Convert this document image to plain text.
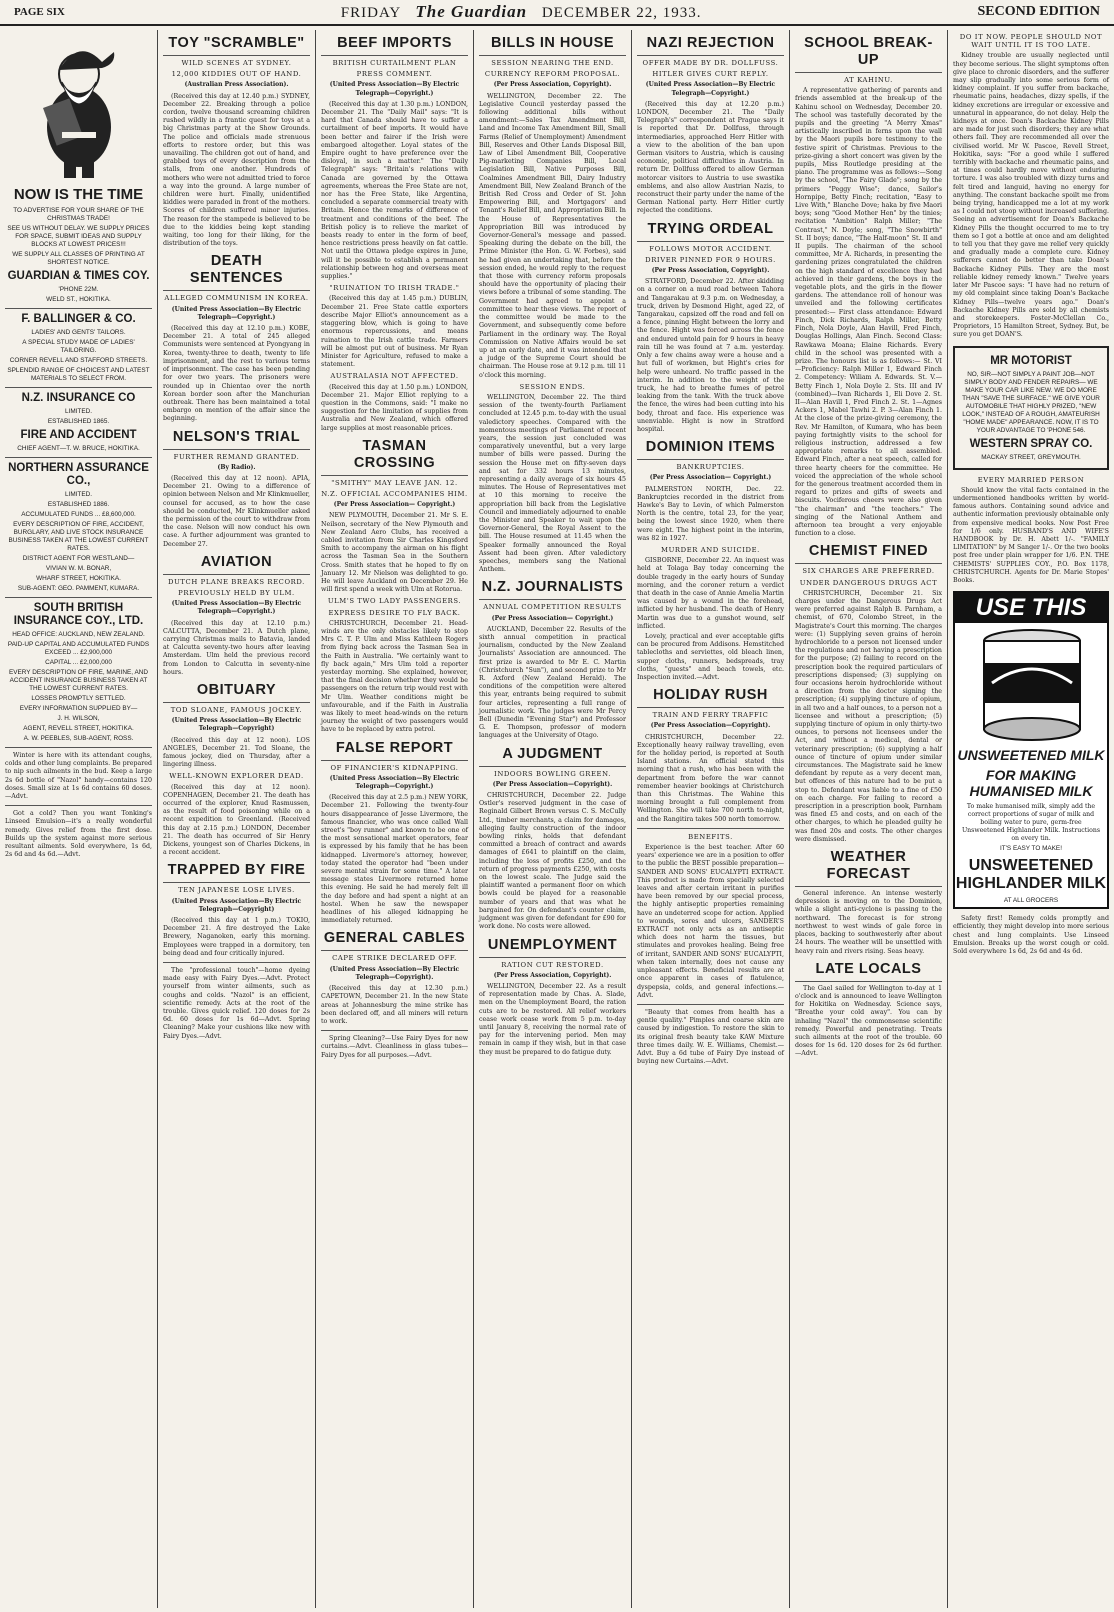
PAGE SIX	FRIDAY The Guardian DECEMBER 22, 1933.	SECOND EDITION
NOW IS THE TIME
TO ADVERTISE FOR YOUR SHARE OF THE CHRISTMAS TRADE!
SEE US WITHOUT DELAY. WE SUPPLY PRICES FOR SPACE, SUBMIT IDEAS AND SUPPLY BLOCKS AT LOWEST PRICES!!!
WE SUPPLY ALL CLASSES OF PRINTING AT SHORTEST NOTICE.
GUARDIAN & TIMES COY.
'PHONE 22M.
WELD ST., HOKITIKA.
F. BALLINGER & CO.
LADIES' AND GENTS' TAILORS.
A SPECIAL STUDY MADE OF LADIES' TAILORING.
CORNER REVELL AND STAFFORD STREETS.
SPLENDID RANGE OF CHOICEST AND LATEST MATERIALS TO SELECT FROM.
N.Z. INSURANCE CO
LIMITED.
ESTABLISHED 1865.
FIRE AND ACCIDENT
CHIEF AGENT—T. W. BRUCE, HOKITIKA.
NORTHERN ASSURANCE CO.,
LIMITED.
ESTABLISHED 1886.
ACCUMULATED FUNDS ... £8,600,000.
EVERY DESCRIPTION OF FIRE, ACCIDENT, BURGLARY, AND LIVE STOCK INSURANCE BUSINESS TAKEN AT THE LOWEST CURRENT RATES.
DISTRICT AGENT FOR WESTLAND—
VIVIAN W. M. BONAR,
WHARF STREET, HOKITIKA.
SUB-AGENT: GEO. PAMMENT, KUMARA.
SOUTH BRITISH INSURANCE COY., LTD.
HEAD OFFICE: AUCKLAND, NEW ZEALAND.
PAID-UP CAPITAL AND ACCUMULATED FUNDS EXCEED ... £2,900,000
CAPITAL ... £2,000,000
EVERY DESCRIPTION OF FIRE, MARINE, AND ACCIDENT INSURANCE BUSINESS TAKEN AT THE LOWEST CURRENT RATES.
LOSSES PROMPTLY SETTLED.
EVERY INFORMATION SUPPLIED BY—
J. H. WILSON,
AGENT, REVELL STREET, HOKITIKA.
A. W. PEEBLES, SUB-AGENT, ROSS.

Winter is here with its attendant coughs, colds and other lung complaints. Be prepared to nip such ailments in the bud. Keep a large 2s 6d bottle of "Nazol" handy—contains 120 doses. Small size at 1s 6d contains 60 doses.—Advt.

Got a cold? Then you want Tonking's Linseed Emulsion—it's a really wonderful remedy. Gives relief from the first dose. Builds up the system against more serious resultant ailments. Sold everywhere, 1s 6d, 2s 6d and 4s 6d.—Advt.

TOY "SCRAMBLE"
WILD SCENES AT SYDNEY.
12,000 KIDDIES OUT OF HAND.
(Australian Press Association).

(Received this day at 12.40 p.m.) SYDNEY, December 22. Breaking through a police cordon, twelve thousand screaming children rushed wildly in a frantic quest for toys at a big Christmas party at the Show Grounds. The police and officials made strenuous efforts to restore order, but this was unavailing. The children got out of hand, and grabbed toys of every description from the stalls, from one another. Hundreds of mothers who were not admitted tried to force a way into the ground. A large number of children were hurt. Finally, unidentified kiddies were paraded in front of the mothers. Scores of children suffered minor injuries. The reason for the stampede is believed to be due to the kiddies being kept standing waiting, too long for their liking, for the distribution of the toys.

DEATH SENTENCES
ALLEGED COMMUNISM IN KOREA.
(United Press Association—By Electric Telegraph—Copyright.)

(Received this day at 12.10 p.m.) KOBE, December 21. A total of 245 alleged Communists were sentenced at Pyongyang in Korea, twenty-three to death, twenty to life imprisonment, and the rest to various terms of imprisonment. The case has been pending for over two years. The prisoners were rounded up in Chientao over the north Korean border soon after the Manchurian outbreak. There has been maintained a total embargo on mention of the affair since the beginning.

NELSON'S TRIAL
FURTHER REMAND GRANTED.
(By Radio).

(Received this day at 12 noon). APIA, December 21. Owing to a difference of opinion between Nelson and Mr Klinkmueller, counsel for accused, as to how the case should be conducted, Mr Klinkmueller asked the permission of the court to withdraw from the case. Nelson will now conduct his own case. A further adjournment was granted to December 27.

AVIATION
DUTCH PLANE BREAKS RECORD.
PREVIOUSLY HELD BY ULM.
(United Press Association—By Electric Telegraph—Copyright.)

(Received this day at 12.10 p.m.) CALCUTTA, December 21. A Dutch plane, carrying Christmas mails to Batavia, landed at Calcutta seventy-two hours after leaving Amsterdam. Ulm held the previous record from London to Calcutta in seventy-nine hours.

OBITUARY
TOD SLOANE, FAMOUS JOCKEY.
(United Press Association—By Electric Telegraph—Copyright)

(Received this day at 12 noon). LOS ANGELES, December 21. Tod Sloane, the famous jockey, died on Thursday, after a lingering illness.

WELL-KNOWN EXPLORER DEAD.

(Received this day at 12 noon). COPENHAGEN, December 21. The death has occurred of the explorer, Knud Rasmussen, as the result of food poisoning while on a recent expedition to Greenland. (Received this day at 2.15 p.m.) LONDON, December 21. The death has occurred of Sir Henry Dickens, youngest son of Charles Dickens, in a recent accident.

TRAPPED BY FIRE
TEN JAPANESE LOSE LIVES.
(United Press Association—By Electric Telegraph—Copyright)

(Received this day at 1 p.m.) TOKIO, December 21. A fire destroyed the Lake Brewery, Naganoken, early this morning. Employees were trapped in a dormitory, ten being dead and four critically injured.

The "professional touch"—home dyeing made easy with Fairy Dyes.—Advt. Protect yourself from winter ailments, such as coughs and colds. "Nazol" is an efficient, scientific remedy. Acts at the root of the trouble. Gives quick relief. 120 doses for 2s 6d. 60 doses for 1s 6d—Advt. Spring Cleaning? Make your cushions like new with Fairy Dyes.—Advt.

BEEF IMPORTS
BRITISH CURTAILMENT PLAN
PRESS COMMENT.
(United Press Association—By Electric Telegraph—Copyright.)

(Received this day at 1.30 p.m.) LONDON, December 21. The "Daily Mail" says: "It is hard that Canada should have to suffer a curtailment of beef imports. It would have been better and fairer if the Irish were embargoed altogether. Loyal states of the Empire ought to have preference over the disloyal, in such a matter." The "Daily Telegraph" says: "Britain's relations with Canada are governed by the Ottawa agreements, whereas the Free State are not, nor has the Free State, like Argentina, concluded a separate commercial treaty with Britain. Hence the remarks of difference of treatment and conditions of the beef. The British policy is to relieve the market of beasts ready to enter in the form of beef, hence restrictions press heavily on fat cattle. Not until the Ottawa pledge expires in June, will it be possible to establish a permanent relationship between hog and overseas meat supplies."

"RUINATION TO IRISH TRADE."

(Received this day at 1.45 p.m.) DUBLIN, December 21. Free State cattle exporters describe Major Elliot's announcement as a staggering blow, which is going to have enormous repercussions, and means ruination to the Irish cattle trade. Farmers will be almost put out of business. Mr Ryan Minister for Agriculture, refused to make a statement.

AUSTRALASIA NOT AFFECTED.

(Received this day at 1.50 p.m.) LONDON, December 21. Major Elliot replying to a question in the Commons, said: "I make no suggestion for the limitation of supplies from Australia and New Zealand, which offered large supplies at most reasonable prices.

TASMAN CROSSING
"SMITHY" MAY LEAVE JAN. 12.
N.Z. OFFICIAL ACCOMPANIES HIM.
(Per Press Association— Copyright.)

NEW PLYMOUTH, December 21. Mr S. E. Neilson, secretary of the New Plymouth and New Zealand Aero Clubs, has received a cabled invitation from Sir Charles Kingsford Smith to accompany the airman on his flight across the Tasman Sea in the Southern Cross. Smith states that he hoped to fly on January 12. Mr Nielson was delighted to go. He will leave Auckland on December 29. He will first spend a week with Ulm at Rotorua.

ULM'S TWO LADY PASSENGERS.
EXPRESS DESIRE TO FLY BACK.

CHRISTCHURCH, December 21. Head-winds are the only obstacles likely to stop Mrs C. T. P. Ulm and Miss Kathleen Rogers from flying back across the Tasman Sea in the Faith in Australia. "We certainly want to fly back again," Mrs Ulm told a reporter yesterday morning. She explained, however, that the final decision whether they would be passengers on the return trip would rest with Mr Ulm. Weather conditions might be unfavourable, and if the Faith in Australia was likely to meet head-winds on the return journey the weight of two passengers would have to be replaced by extra petrol.

FALSE REPORT
OF FINANCIER'S KIDNAPPING.
(United Press Association—By Electric Telegraph—Copyright.)

(Received this day at 2.5 p.m.) NEW YORK, December 21. Following the twenty-four hours disappearance of Jesse Livermore, the famous financier, who was once called Wall street's "boy runner" and known to be one of the most sensational market operators, fear is expressed by his family that he has been kidnapped. Livermore's attorney, however, today stated the operator had "been under severe mental strain for some time." A later message states Livermore returned home this evening. He said he had merely felt ill the day before and had spent a night at an hostel. When he saw the newspaper headlines of his alleged kidnapping he immediately returned.

GENERAL CABLES
CAPE STRIKE DECLARED OFF.
(United Press Association—By Electric Telegraph—Copyright).

(Received this day at 12.30 p.m.) CAPETOWN, December 21. In the new State areas at Johannesburg the mine strike has been declared off, and all miners will return to work.

Spring Cleaning?—Use Fairy Dyes for new curtains.—Advt. Cleanliness in glass tubes—Fairy Dyes for all purposes.—Advt.

BILLS IN HOUSE
SESSION NEARING THE END.
CURRENCY REFORM PROPOSAL.
(Per Press Association, Copyright).

WELLINGTON, December 22. The Legislative Council yesterday passed the following additional bills without amendment:—Sales Tax Amendment Bill, Land and Income Tax Amendment Bill, Small Farms (Relief of Unemployment) Amendment Bill, Reserves and Other Lands Disposal Bill, Law of Libel Amendment Bill, Cooperative Pig-marketing Companies Bill, Local Legislation Bill, Native Purposes Bill, Coalmines Amendment Bill, Dairy Industry Amendment Bill, New Zealand Branch of the British Red Cross and Order of St. John Empowering Bill, and Mortgagors' and Tenant's Relief Bill, and Appropriation Bill. In the House of Representatives the Appropriation Bill was introduced by Governor-General's message and passed. Speaking during the debate on the bill, the Prime Minister (the Hon. G. W. Forbes), said he had given an undertaking that, before the session ended, he would reply to the request that those with currency reform proposals should have the opportunity of placing their views before a tribunal of some standing. The Government had agreed to appoint a committee to hear these views. The report of the committee would be made to the Government, and subsequently come before Parliament in the ordinary way. The Royal Commission on Native Affairs would be set up at an early date, and it was intended that a judge of the Supreme Court should be chairman. The House rose at 9.12 p.m. till 11 o'clock this morning.

SESSION ENDS.

WELLINGTON, December 22. The third session of the twenty-fourth Parliament concluded at 12.45 p.m. to-day with the usual valedictory speeches. Compared with the momentous meetings of Parliament of recent years, the session just concluded was comparatively uneventful, but a very large number of bills were passed. During the session the House met on fifty-seven days and sat for 332 hours 13 minutes, representing a daily average of six hours 45 minutes. The House of Representatives met at 10 this morning to receive the appropriation bill back from the Legislative Council and immediately adjourned to enable the Minister and Speaker to wait upon the Governor-General, the Royal Assent to the bill. The House resumed at 11.45 when the Speaker formally announced the Royal Assent had been given. After valedictory speeches, members sang the National Anthem.

N.Z. JOURNALISTS
ANNUAL COMPETITION RESULTS
(Per Press Association— Copyright.)

AUCKLAND, December 22. Results of the sixth annual competition in practical journalism, conducted by the New Zealand Journalists' Association are announced. The first prize is awarded to Mr E. C. Martin (Christchurch "Sun"), and second prize to Mr R. Axford (New Zealand Herald). The conditions of the competition were altered this year, entrants being required to submit four articles, representing a full range of journalistic work. The judges were Mr Percy Bell (Dunedin "Evening Star") and Professor G. E. Thompson, professor of modern languages at the University of Otago.

A JUDGMENT
INDOORS BOWLING GREEN.
(Per Press Association—Copyright).

CHRISTCHURCH, December 22. Judge Ostler's reserved judgment in the case of Reginald Gilbert Brown versus C. S. McCully Ltd., timber merchants, a claim for damages, alleging faulty construction of the indoor bowling rinks, holds that defendant committed a breach of contract and awards damages of £641 to plaintiff on the claim, including the loss of profits £250, and the return of progress payments £250, with costs on the lowest scale. The Judge said the plaintiff wanted a permanent floor on which bowls could be played for a reasonable number of years and that was what he bargained for. On defendant's counter claim, judgment was given for defendant for £90 for work done. No costs were allowed.

UNEMPLOYMENT
RATION CUT RESTORED.
(Per Press Association, Copyright).

WELLINGTON, December 22. As a result of representation made by Chas. A. Slade, men on the Unemployment Board, the ration cuts are to be restored. All relief workers cease work cease work from 5 p.m. to-day until January 8, receiving the normal rate of pay for the intervening period. Men may remain in camp if they wish, but in that case they must be prepared to do fatigue duty.

NAZI REJECTION
OFFER MADE BY DR. DOLLFUSS.
HITLER GIVES CURT REPLY.
(United Press Association—By Electric Telegraph—Copyright.)

(Received this day at 12.20 p.m.) LONDON, December 21. The "Daily Telegraph's" correspondent at Prague says it is reported that Dr. Dollfuss, through intermediaries, approached Herr Hitler with a view to the abolition of the ban upon German visitors to Austria, which is causing economic, political difficulties in Austria. In return Dr. Dollfuss offered to allow German motorcar visitors to Austria to use swastika emblems, and also allow Austrian Nazis, to reconstruct their party under the name of the German National party. Herr Hitler curtly rejected the conditions.

TRYING ORDEAL
FOLLOWS MOTOR ACCIDENT.
DRIVER PINNED FOR 9 HOURS.
(Per Press Association, Copyright).

STRATFORD, December 22. After skidding on a corner on a mud road between Tahora and Tangarakau at 9.3 p.m. on Wednesday, a truck, driven by Desmond Hight, aged 22, of Tangarakau, capsized off the road and fell on a fence, pinning Hight between the lorry and the fence. Hight was forced across the fence and endured untold pain for 9 hours in heavy rain till he was found at 7 a.m. yesterday. Only a few chains away were a house and a hut full of workmen, but Hight's cries for help were unheard. No traffic passed in the interim. In addition to the weight of the truck, he had to breathe fumes of petrol leaking from the tank. With the truck above the fence, the wires had been cutting into his body, throat and face. His experience was unenviable. Hight is now in Stratford hospital.

DOMINION ITEMS
BANKRUPTCIES.
(Per Press Association— Copyright.)

PALMERSTON NORTH, Dec. 22. Bankruptcies recorded in the district from Hawke's Bay to Levin, of which Palmerston North is the centre, total 23, for the year, being the lowest since 1920, when there were eight. The highest point in the interim, was 82 in 1927.

MURDER AND SUICIDE.

GISBORNE, December 22. An inquest was held at Tolaga Bay today concerning the double tragedy in the early hours of Sunday morning, and the coroner return a verdict that death in the case of Annie Amelia Martin was caused by a wound in the forehead, inflicted by her husband. The death of Henry Martin was due to a gunshot wound, self inflicted.

Lovely, practical and ever acceptable gifts can be procured from Addisons. Hemstitched tablecloths and serviettes, old bleach linen, supper cloths, runners, bedspreads, tray cloths, "guests" and beach towels, etc. Inspection invited.—Advt.

HOLIDAY RUSH
TRAIN AND FERRY TRAFFIC
(Per Press Association—Copyright).

CHRISTCHURCH, December 22. Exceptionally heavy railway travelling, even for the holiday period, is reported at South Island stations. An official stated this morning that a rush, who has been with the department from before the war cannot remember heavier bookings at Christchurch than this Christmas. The Wahine this morning brought a full complement from Wellington. She will take 700 north to-night, and the Rangitira takes 500 north tomorrow.

BENEFITS.

Experience is the best teacher. After 60 years' experience we are in a position to offer to the public the BEST possible preparation—SANDER AND SONS' EUCALYPTI EXTRACT. This product is made from specially selected leaves and after certain irritant in purifies have been removed by our special process, the highly antiseptic properties remaining have an undeterred scope for action. Applied to wounds, sores and ulcers, SANDER'S EXTRACT not only acts as an antiseptic which does not harm the tissues, but stimulates and provokes healing. Being free of irritant, SANDER AND SONS' EUCALYPTI, when taken internally, does not cause any unpleasant effects. Beneficial results are at once apparent in cases of flatulence, dyspepsia, colds, and general infections.—Advt.

"Beauty that comes from health has a gentle quality." Pimples and coarse skin are caused by indigestion. To restore the skin to its original fresh beauty take KAW Mixture three times daily. W. E. Williams, Chemist.—Advt. Buy a 6d tube of Fairy Dye instead of buying new Curtains.—Advt.

SCHOOL BREAK-UP
AT KAHINU.

A representative gathering of parents and friends assembled at the break-up of the Kahinu school on Wednesday, December 20. The school was tastefully decorated by the pupils and the greeting "A Merry Xmas" artistically inscribed in ferns upon the wall by the Maori pupils bore testimony to the festive spirit of Christmas. Previous to the prize-giving a short concert was given by the pupils, Miss Routledge presiding at the piano. The programme was as follows:—Song by the school, "The Fairy Glade"; song by the primers "Peggy Wise"; dance, Sailor's Hornpipe, Betty Finch; recitation, "Easy to Live With," Blanche Dove; haka by five Maori boys; song "Good Mother Hen" by the tinies; recitation "Ambition" Ralph Miller; "The Contrast," N. Doyle; song, "The Snowbirth" St. II boys; dance, "The Half-moon" St. II and II pupils. The chairman of the school committee, Mr A. Richards, in presenting the gardening prizes congratulated the children on the high standard of excellence they had achieved in their gardens, the boys in the vegetable plots, and the girls in the flower gardens. The attendance roll of honour was unveiled and the following certificates presented:— First class attendance: Edward Finch, Dick Richards, Ralph Miller, Betty Finch, Nola Doyle, Alan Havill, Fred Finch, Douglas Hollings, Alan Finch. Second Class: Rawkawa Moana; Elaine Richards. Every child in the school was presented with a prize. The honours list is as follows:— St. VI—Proficiency: Ralph Miller 1, Edward Finch 2. Competency: Wiliam A. Edwards. St. V.—Betty Finch 1, Nola Doyle 2. Sts. III and IV (combined)—Ivan Richards 1, Eli Dove 2. St. II—Alan Havill 1, Fred Finch 2. St. 1—Agnes Ackers 1, Mabel Tawhi 2. P. 3—Alan Finch 1. At the close of the prize-giving ceremony, the Rev. Mr Hamilton, of Kumara, who has been paying fortnightly visits to the school for religious instruction, addressed a few appropriate remarks to all assembled. Edward Finch, after a neat speech, called for three hearty cheers for the committee. He voiced the appreciation of the whole school for the generous treatment accorded them in regard to prizes and gifts of sweets and biscuits. Vociferous cheers were also given "the chairman" and "the teachers." The singing of the National Anthem and afternoon tea brought a very enjoyable function to a close.

CHEMIST FINED
SIX CHARGES ARE PREFERRED.
UNDER DANGEROUS DRUGS ACT

CHRISTCHURCH, December 21. Six charges under the Dangerous Drugs Act were preferred against Ralph B. Parnham, a chemist, of 670, Colombo Street, in the Magistrate's Court this morning. The charges were: (1) Supplying seven grains of heroin hydrochloride to a person not licensed under the regulations and not having a prescription for the purpose; (2) failing to record on the prescription book the required particulars of prescriptions dispensed; (3) supplying on four occasions heroin hydrochloride without a direction from the doctor signing the prescription; (4) supplying tincture of opium, in all two and a half ounces, to a person not a licensee and without a prescription; (5) supplying tincture of opium in only thirty-two ounces, to persons not licensees under the Act, and without a medical, dental or veterinary prescription; (6) supplying a half ounce of tincture of opium under similar circumstances. The Magistrate said he knew defendant by repute as a very decent man, but offences of this nature had to be put a stop to. Defendant was liable to a fine of £50 on each charge. For failing to record a prescription in a prescription book, Parnham was fined £5 and costs, and on each of the other charges, to which he pleaded guilty he was fined 20s and costs. The other charges were dismissed.

WEATHER FORECAST

General inference. An intense westerly depression is moving on to the Dominion, while a slight anti-cyclone is passing to the northward. The forecast is for strong northwest to west winds of gale force in places, backing to southwesterly after about 24 hours. The weather will be unsettled with heavy rain and rivers rising. Seas heavy.

LATE LOCALS

The Gael sailed for Wellington to-day at 1 o'clock and is announced to leave Wellington for Hokitika on Wednesday. Science says, "Breathe your cold away". You can by inhaling "Nazol" the commonsense scientific remedy. Powerful and penetrating. Treats such ailments at the root of the trouble. 60 doses for 1s 6d. 120 doses for 2s 6d further.—Advt.

DO IT NOW. PEOPLE SHOULD NOT WAIT UNTIL IT IS TOO LATE.

Kidney trouble are usually neglected until they become serious. The slight symptoms often give place to chronic disorders, and the sufferer may slip gradually into some serious form of kidney complaint. If you suffer from backache, rheumatic pains, headaches, dizzy spells, if the kidney excretions are irregular or excessive and unnatural in appearance, do not delay. Help the kidneys at once. Doan's Backache Kidney Pills are made for just such disorders; they are what others fail. They are recommended all over the civilised world. Mr W. Pascoe, Revell Street, Hokitika, says: "For a good while I suffered terribly with backache and rheumatic pains, and at times could hardly move without enduring torture. I was also troubled with dizzy turns and felt tired and languid, having no energy for anything. The constant backache spoilt me from being trying, handicapped me a lot at my work as I could not stoop without increased suffering. Seeing an advertisement for Doan's Backache Kidney Pills the thought occurred to me to try them so I got a bottle at once and am delighted to tell you that they gave me relief very quickly and gradually made a complete cure. Kidney sufferers cannot do better than take Doan's Backache Kidney Pills. They are the most reliable kidney remedy known." Twelve years later Mr Pascoe says: "I have had no return of my old complaint since taking Doan's Backache Kidney Pills—twelve years ago." Doan's Backache Kidney Pills are sold by all chemists and storekeepers. Foster-McClellan Co., Proprietors, 15 Hamilton Street, Sydney. But, be sure you get DOAN'S.

MR MOTORIST
NO, SIR—NOT SIMPLY A PAINT JOB—NOT SIMPLY BODY AND FENDER REPAIRS— WE MAKE YOUR CAR LIKE NEW. WE DO MORE THAN "SAVE THE SURFACE." WE GIVE YOUR AUTOMOBILE THAT HIGHLY PRIZED, "NEW LOOK," INSTEAD OF A ROUGH, AMATEURISH "HOME MADE" APPEARANCE. NOW, IT IS TO YOUR ADVANTAGE TO 'PHONE 546.
WESTERN SPRAY CO.
MACKAY STREET, GREYMOUTH.
EVERY MARRIED PERSON

Should know the vital facts contained in the undermentioned handbooks written by world-famous authors. Containing sound advice and authentic information previously obtainable only from expensive medical books. Now Post Free for 1/6 only. HUSBAND'S AND WIFE'S HANDBOOK by Dr. H. Abett 1/-. "FAMILY LIMITATION" by M Sanger 1/-. Or the two books post free under plain wrapper for 1/6. P.N. THE CHEMISTS' SUPPLIES COY., P.O. Box 1178, CHRISTCHURCH. Agents for Dr. Marie Stopes' Books.

USE THIS
UNSWEETENED MILK
FOR MAKING HUMANISED MILK
To make humanised milk, simply add the correct proportions of sugar of milk and boiling water to pure, germ-free Unsweetened Highlander Milk. Instructions on every tin.
IT'S EASY TO MAKE!
UNSWEETENED HIGHLANDER MILK
AT ALL GROCERS

Safety first! Remedy colds promptly and efficiently, they might develop into more serious chest and lung complaints. Use Linseed Emulsion. Breaks up the worst cough or cold. Sold everywhere 1s 6d, 2s 6d and 4s 6d.
